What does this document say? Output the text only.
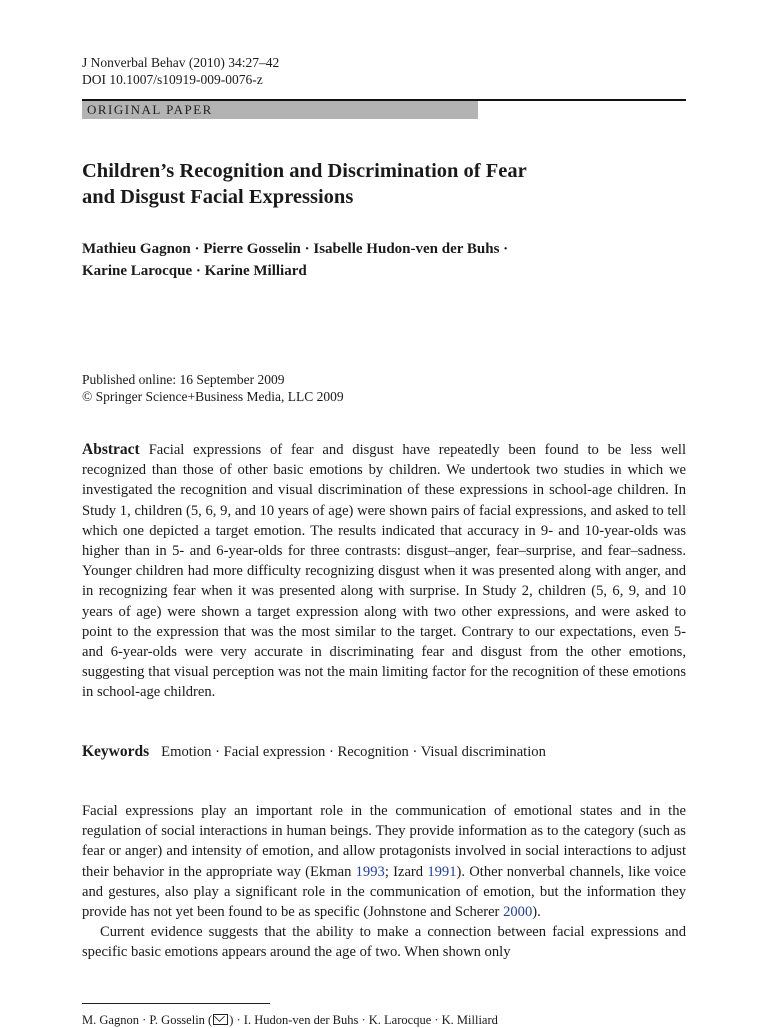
J Nonverbal Behav (2010) 34:27–42
DOI 10.1007/s10919-009-0076-z
ORIGINAL PAPER
Children’s Recognition and Discrimination of Fear
and Disgust Facial Expressions
Mathieu Gagnon · Pierre Gosselin · Isabelle Hudon-ven der Buhs ·
Karine Larocque · Karine Milliard
Published online: 16 September 2009
© Springer Science+Business Media, LLC 2009
Abstract Facial expressions of fear and disgust have repeatedly been found to be less well recognized than those of other basic emotions by children. We undertook two studies in which we investigated the recognition and visual discrimination of these expressions in school-age children. In Study 1, children (5, 6, 9, and 10 years of age) were shown pairs of facial expressions, and asked to tell which one depicted a target emotion. The results indicated that accuracy in 9- and 10-year-olds was higher than in 5- and 6-year-olds for three contrasts: disgust–anger, fear–surprise, and fear–sadness. Younger children had more difficulty recognizing disgust when it was presented along with anger, and in recognizing fear when it was presented along with surprise. In Study 2, children (5, 6, 9, and 10 years of age) were shown a target expression along with two other expressions, and were asked to point to the expression that was the most similar to the target. Contrary to our expectations, even 5- and 6-year-olds were very accurate in discriminating fear and disgust from the other emotions, suggesting that visual perception was not the main limiting factor for the recognition of these emotions in school-age children.
Keywords Emotion · Facial expression · Recognition · Visual discrimination

Facial expressions play an important role in the communication of emotional states and in the regulation of social interactions in human beings. They provide information as to the category (such as fear or anger) and intensity of emotion, and allow protagonists involved in social interactions to adjust their behavior in the appropriate way (Ekman 1993; Izard 1991). Other nonverbal channels, like voice and gestures, also play a significant role in the communication of emotion, but the information they provide has not yet been found to be as specific (Johnstone and Scherer 2000).

Current evidence suggests that the ability to make a connection between facial expressions and specific basic emotions appears around the age of two. When shown only

M. Gagnon · P. Gosselin ( ) · I. Hudon-ven der Buhs · K. Larocque · K. Milliard
